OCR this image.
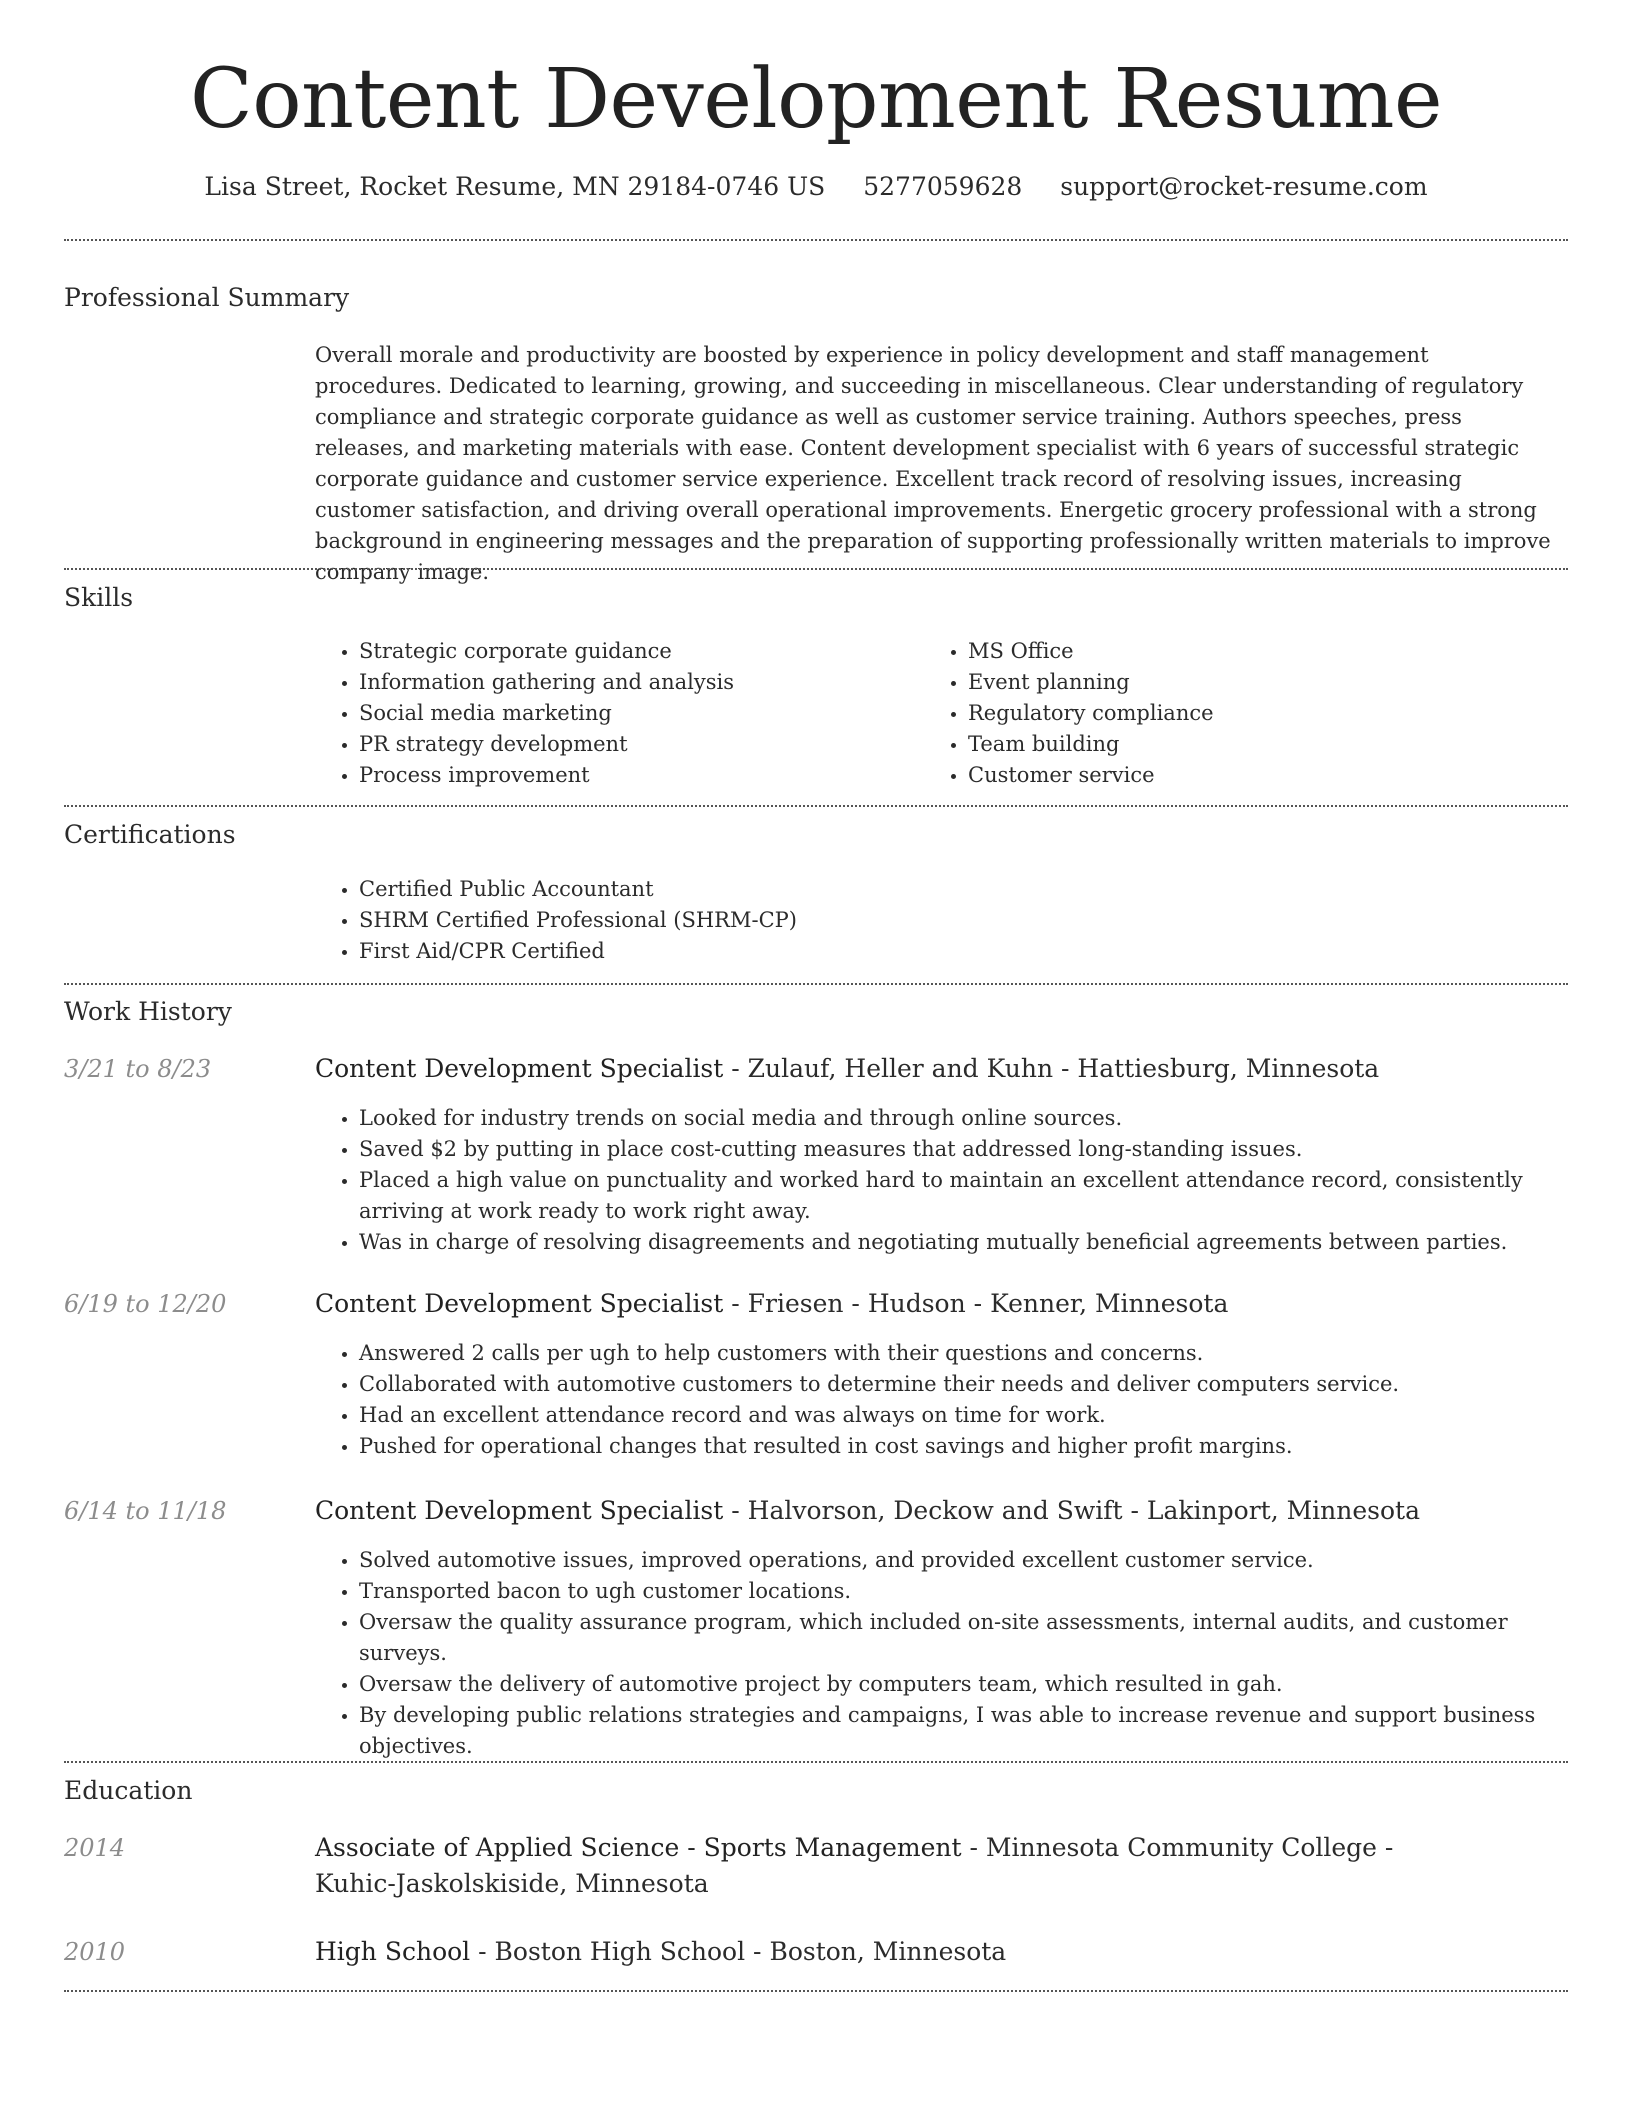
Content Development Resume
Lisa Street, Rocket Resume, MN 29184-0746 US 5277059628 support@rocket-resume.com
Professional Summary

Overall morale and productivity are boosted by experience in policy development and staff management procedures. Dedicated to learning, growing, and succeeding in miscellaneous. Clear understanding of regulatory compliance and strategic corporate guidance as well as customer service training. Authors speeches, press releases, and marketing materials with ease. Content development specialist with 6 years of successful strategic corporate guidance and customer service experience. Excellent track record of resolving issues, increasing customer satisfaction, and driving overall operational improvements. Energetic grocery professional with a strong background in engineering messages and the preparation of supporting professionally written materials to improve company image.

Skills
• Strategic corporate guidance
• Information gathering and analysis
• Social media marketing
• PR strategy development
• Process improvement
• MS Office
• Event planning
• Regulatory compliance
• Team building
• Customer service
Certifications
• Certified Public Accountant
• SHRM Certified Professional (SHRM-CP)
• First Aid/CPR Certified
Work History
3/21 to 8/23	Content Development Specialist - Zulauf, Heller and Kuhn - Hattiesburg, Minnesota
• Looked for industry trends on social media and through online sources.
• Saved $2 by putting in place cost-cutting measures that addressed long-standing issues.
• Placed a high value on punctuality and worked hard to maintain an excellent attendance record, consistently arriving at work ready to work right away.
• Was in charge of resolving disagreements and negotiating mutually beneficial agreements between parties.
6/19 to 12/20	Content Development Specialist - Friesen - Hudson - Kenner, Minnesota
• Answered 2 calls per ugh to help customers with their questions and concerns.
• Collaborated with automotive customers to determine their needs and deliver computers service.
• Had an excellent attendance record and was always on time for work.
• Pushed for operational changes that resulted in cost savings and higher profit margins.
6/14 to 11/18	Content Development Specialist - Halvorson, Deckow and Swift - Lakinport, Minnesota
• Solved automotive issues, improved operations, and provided excellent customer service.
• Transported bacon to ugh customer locations.
• Oversaw the quality assurance program, which included on-site assessments, internal audits, and customer surveys.
• Oversaw the delivery of automotive project by computers team, which resulted in gah.
• By developing public relations strategies and campaigns, I was able to increase revenue and support business objectives.
Education
2014	Associate of Applied Science - Sports Management - Minnesota Community College - Kuhic-Jaskolskiside, Minnesota
2010	High School - Boston High School - Boston, Minnesota
